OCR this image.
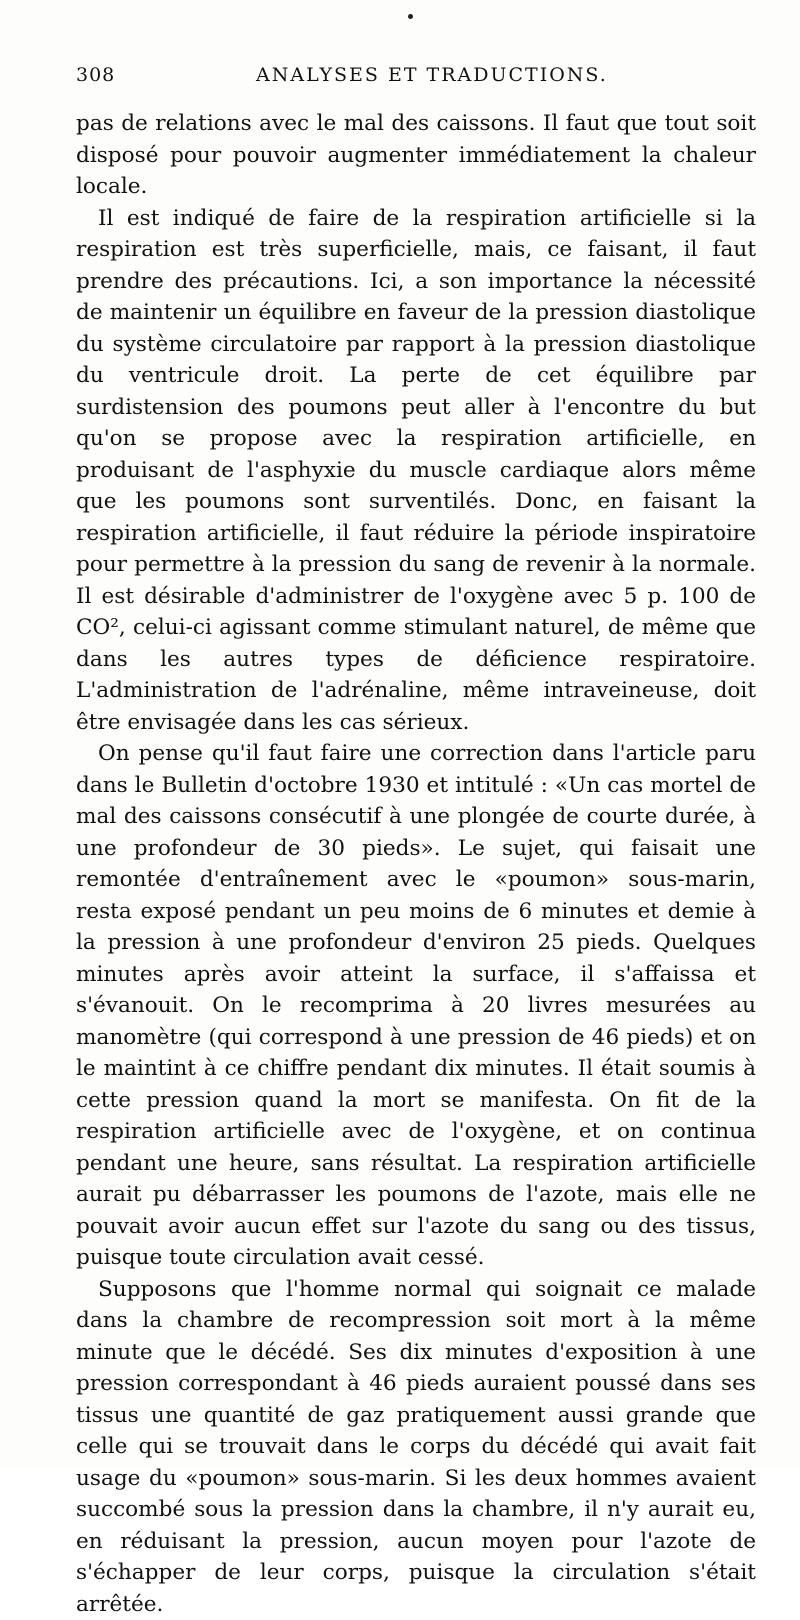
308	ANALYSES ET TRADUCTIONS.

pas de relations avec le mal des caissons. Il faut que tout soit disposé pour pouvoir augmenter immédiatement la chaleur locale.

Il est indiqué de faire de la respiration artificielle si la respiration est très superficielle, mais, ce faisant, il faut prendre des précautions. Ici, a son importance la nécessité de maintenir un équilibre en faveur de la pression diastolique du système circulatoire par rapport à la pression diastolique du ventricule droit. La perte de cet équilibre par surdistension des poumons peut aller à l'encontre du but qu'on se propose avec la respiration artificielle, en produisant de l'asphyxie du muscle cardiaque alors même que les poumons sont surventilés. Donc, en faisant la respiration artificielle, il faut réduire la période inspiratoire pour permettre à la pression du sang de revenir à la normale. Il est désirable d'administrer de l'oxygène avec 5 p. 100 de CO², celui-ci agissant comme stimulant naturel, de même que dans les autres types de déficience respiratoire. L'administration de l'adrénaline, même intraveineuse, doit être envisagée dans les cas sérieux.

On pense qu'il faut faire une correction dans l'article paru dans le Bulletin d'octobre 1930 et intitulé : «Un cas mortel de mal des caissons consécutif à une plongée de courte durée, à une profondeur de 30 pieds». Le sujet, qui faisait une remontée d'entraînement avec le «poumon» sous-marin, resta exposé pendant un peu moins de 6 minutes et demie à la pression à une profondeur d'environ 25 pieds. Quelques minutes après avoir atteint la surface, il s'affaissa et s'évanouit. On le recomprima à 20 livres mesurées au manomètre (qui correspond à une pression de 46 pieds) et on le maintint à ce chiffre pendant dix minutes. Il était soumis à cette pression quand la mort se manifesta. On fit de la respiration artificielle avec de l'oxygène, et on continua pendant une heure, sans résultat. La respiration artificielle aurait pu débarrasser les poumons de l'azote, mais elle ne pouvait avoir aucun effet sur l'azote du sang ou des tissus, puisque toute circulation avait cessé.

Supposons que l'homme normal qui soignait ce malade dans la chambre de recompression soit mort à la même minute que le décédé. Ses dix minutes d'exposition à une pression correspondant à 46 pieds auraient poussé dans ses tissus une quantité de gaz pratiquement aussi grande que celle qui se trouvait dans le corps du décédé qui avait fait usage du «poumon» sous-marin. Si les deux hommes avaient succombé sous la pression dans la chambre, il n'y aurait eu, en réduisant la pression, aucun moyen pour l'azote de s'échapper de leur corps, puisque la circulation s'était arrêtée.
